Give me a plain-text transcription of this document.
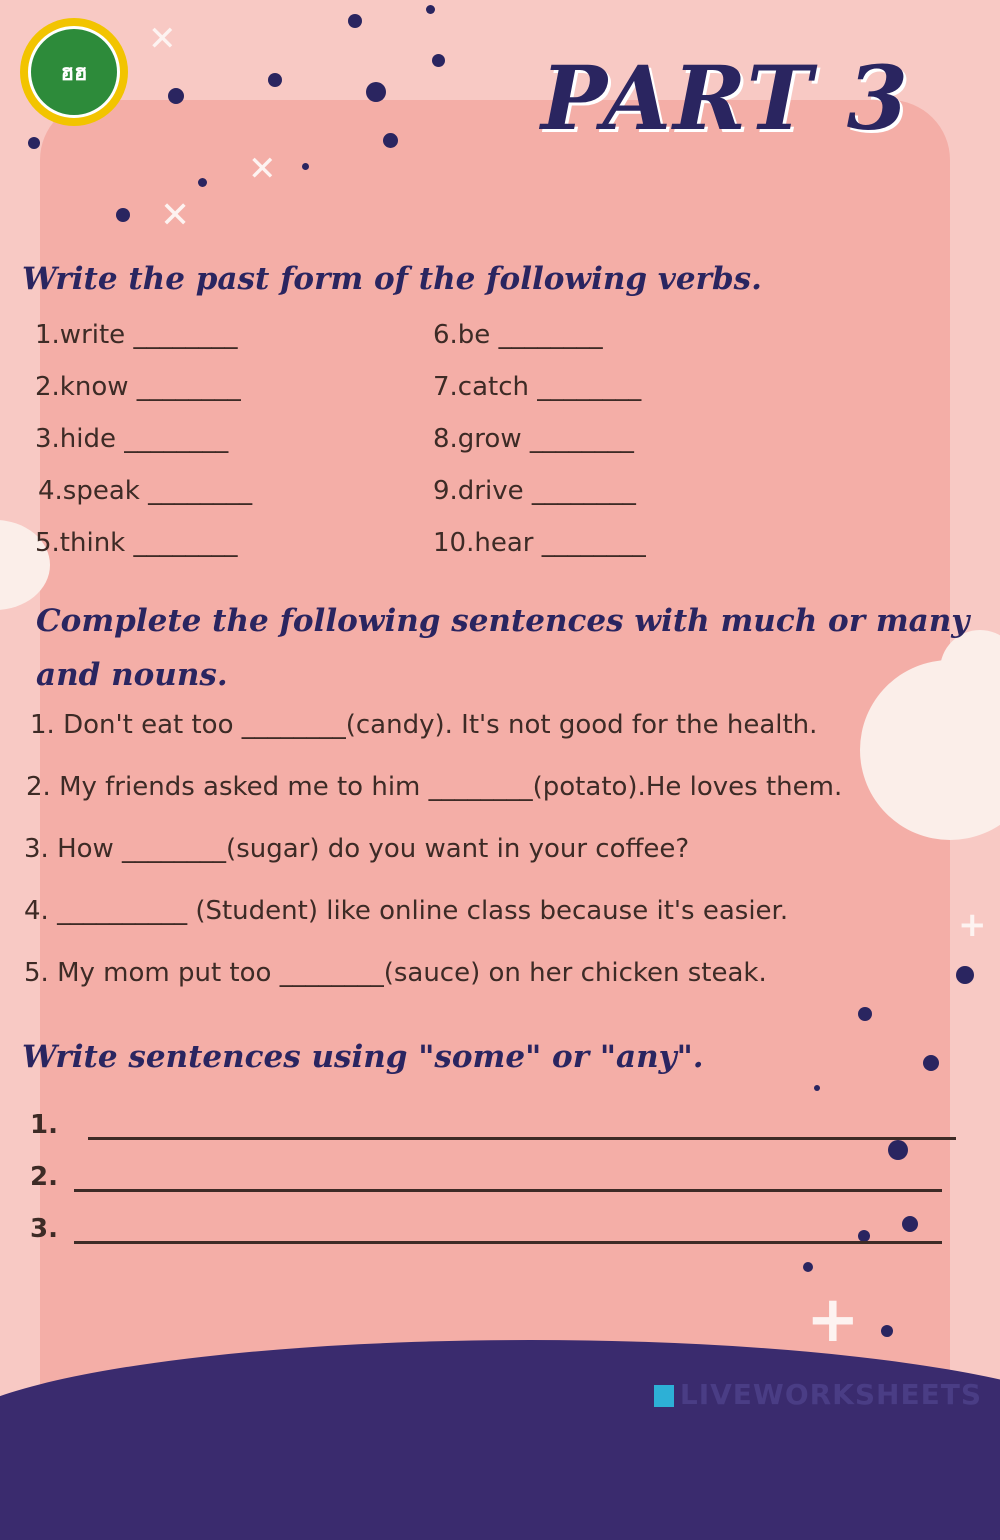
✕
✕
✕
+
+
ฮฮ	PART 3
Write the past form of the following verbs.
1.write ________
2.know ________
3.hide ________
4.speak ________
5.think ________
6.be ________
7.catch ________
8.grow ________
9.drive ________
10.hear ________
Complete the following sentences with much or many
and nouns.
1. Don't eat too ________(candy). It's not good for the health.
2. My friends asked me to him ________(potato).He loves them.
3. How ________(sugar) do you want in your coffee?
4. __________ (Student) like online class because it's easier.
5. My mom put too ________(sauce) on her chicken steak.
Write sentences using "some" or "any".
1.
2.
3.
LIVEWORKSHEETS
